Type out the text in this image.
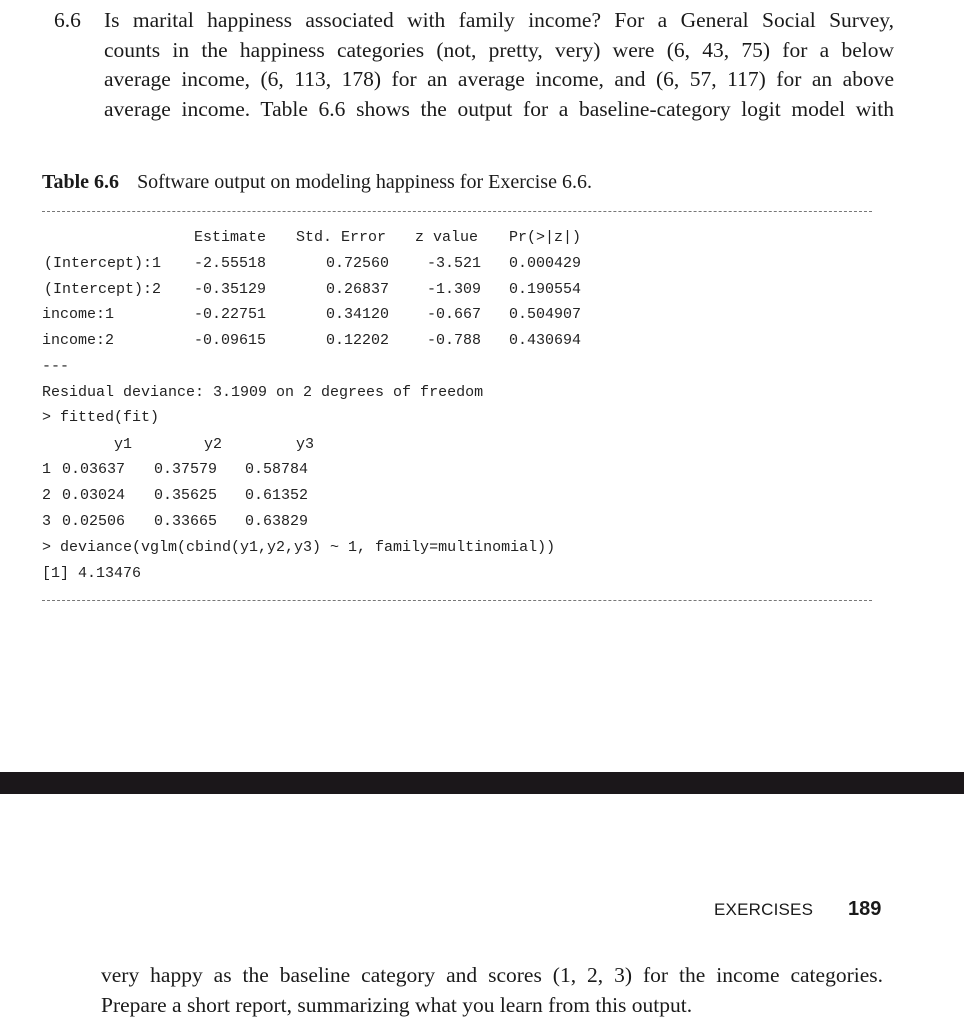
6.6 Is marital happiness associated with family income? For a General Social Survey,
counts in the happiness categories (not, pretty, very) were (6, 43, 75) for a below
average income, (6, 113, 178) for an average income, and (6, 57, 117) for an above
average income. Table 6.6 shows the output for a baseline-category logit model with
Table 6.6 Software output on modeling happiness for Exercise 6.6.
Estimate Std. Error z value Pr(>|z|)
(Intercept):1 -2.55518	0.72560	-3.521 0.000429
(Intercept):2 -0.35129	0.26837	-1.309 0.190554
income:1	-0.22751	0.34120	-0.667 0.504907
income:2	-0.09615	0.12202	-0.788 0.430694
---
Residual deviance: 3.1909 on 2 degrees of freedom
> fitted(fit)
y1	y2	y3
1 0.03637 0.37579 0.58784
2 0.03024 0.35625 0.61352
3 0.02506 0.33665 0.63829
> deviance(vglm(cbind(y1,y2,y3) ~ 1, family=multinomial))
[1] 4.13476
EXERCISES 189
very happy as the baseline category and scores (1, 2, 3) for the income categories.
Prepare a short report, summarizing what you learn from this output.
